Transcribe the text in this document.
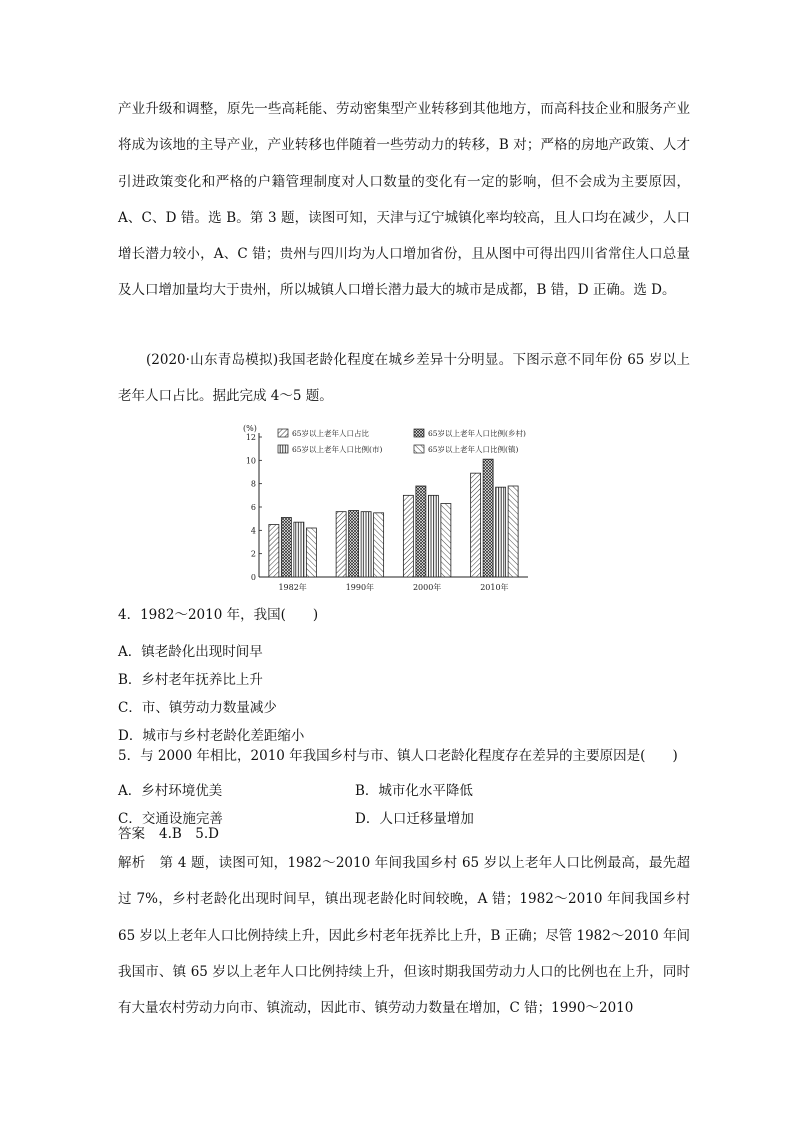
产业升级和调整，原先一些高耗能、劳动密集型产业转移到其他地方，而高科技企业和服务产业将成为该地的主导产业，产业转移也伴随着一些劳动力的转移，B 对；严格的房地产政策、人才引进政策变化和严格的户籍管理制度对人口数量的变化有一定的影响，但不会成为主要原因，A、C、D 错。选 B。第 3 题，读图可知，天津与辽宁城镇化率均较高，且人口均在减少，人口增长潜力较小，A、C 错；贵州与四川均为人口增加省份，且从图中可得出四川省常住人口总量及人口增加量均大于贵州，所以城镇人口增长潜力最大的城市是成都，B 错，D 正确。选 D。

(2020·山东青岛模拟)我国老龄化程度在城乡差异十分明显。下图示意不同年份 65 岁以上老年人口占比。据此完成 4～5 题。

4．1982～2010 年，我国(　　)

A．镇老龄化出现时间早
B．乡村老年抚养比上升
C．市、镇劳动力数量减少
D．城市与乡村老龄化差距缩小

5．与 2000 年相比，2010 年我国乡村与市、镇人口老龄化程度存在差异的主要原因是(　　)

A．乡村环境优美	B．城市化水平降低
C．交通设施完善	D．人口迁移量增加
答案 4.B　5.D

解析 第 4 题，读图可知，1982～2010 年间我国乡村 65 岁以上老年人口比例最高，最先超过 7%，乡村老龄化出现时间早，镇出现老龄化时间较晚，A 错；1982～2010 年间我国乡村 65 岁以上老年人口比例持续上升，因此乡村老年抚养比上升，B 正确；尽管 1982～2010 年间我国市、镇 65 岁以上老年人口比例持续上升，但该时期我国劳动力人口的比例也在上升，同时有大量农村劳动力向市、镇流动，因此市、镇劳动力数量在增加，C 错；1990～2010

0
2
4
6
8
10
12
(%)
1982年	1990年	2000年	2010年
65岁以上老年人口占比	65岁以上老年人口比例(乡村)
65岁以上老年人口比例(市)	65岁以上老年人口比例(镇)
